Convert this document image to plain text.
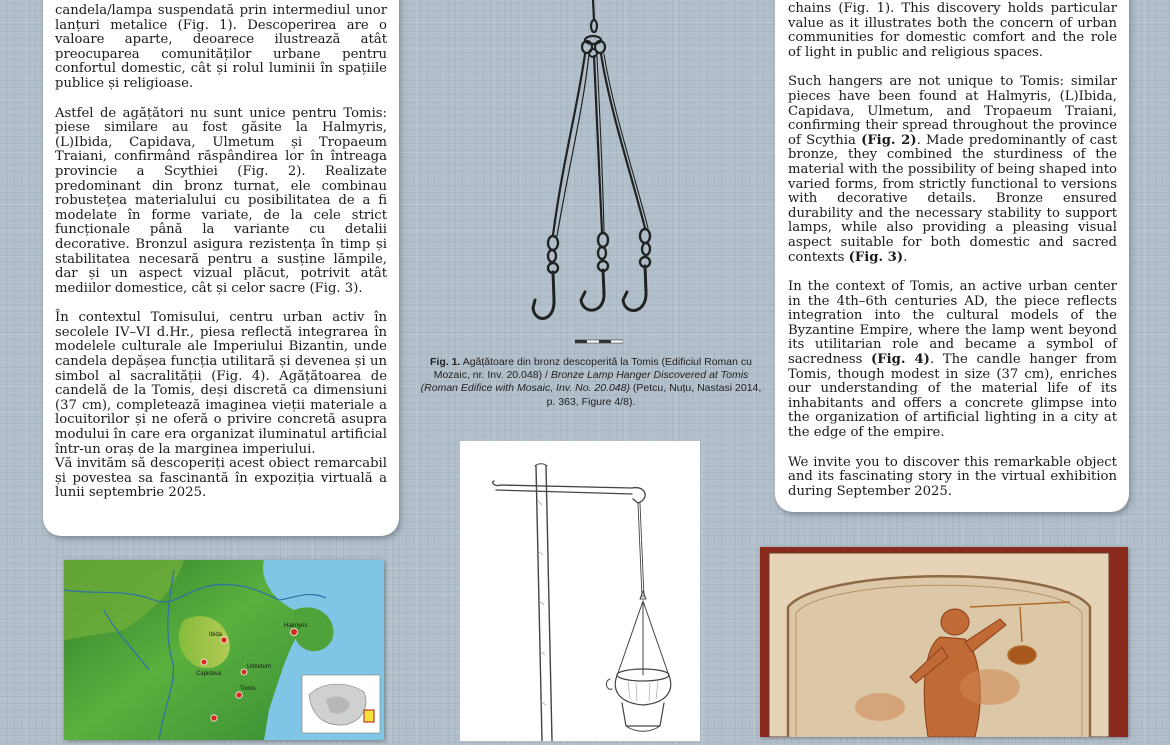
candela/lampa suspendată prin intermediul unor lanțuri metalice (Fig. 1). Descoperirea are o valoare aparte, deoarece ilustrează atât preocuparea comunităților urbane pentru confortul domestic, cât și rolul luminii în spațiile publice și religioase.

Astfel de agățători nu sunt unice pentru Tomis: piese similare au fost găsite la Halmyris, (L)Ibida, Capidava, Ulmetum și Tropaeum Traiani, confirmând răspândirea lor în întreaga provincie a Scythiei (Fig. 2). Realizate predominant din bronz turnat, ele combinau robustețea materialului cu posibilitatea de a fi modelate în forme variate, de la cele strict funcționale până la variante cu detalii decorative. Bronzul asigura rezistența în timp și stabilitatea necesară pentru a susține lămpile, dar și un aspect vizual plăcut, potrivit atât mediilor domestice, cât și celor sacre (Fig. 3).

În contextul Tomisului, centru urban activ în secolele IV–VI d.Hr., piesa reflectă integrarea în modelele culturale ale Imperiului Bizantin, unde candela depășea funcția utilitară și devenea și un simbol al sacralității (Fig. 4). Agățătoarea de candelă de la Tomis, deși discretă ca dimensiuni (37 cm), completează imaginea vieții materiale a locuitorilor și ne oferă o privire concretă asupra modului în care era organizat iluminatul artificial într-un oraș de la marginea imperiului.

Vă invităm să descoperiți acest obiect remarcabil și povestea sa fascinantă în expoziția virtuală a lunii septembrie 2025.

chains (Fig. 1). This discovery holds particular value as it illustrates both the concern of urban communities for domestic comfort and the role of light in public and religious spaces.

Such hangers are not unique to Tomis: similar pieces have been found at Halmyris, (L)Ibida, Capidava, Ulmetum, and Tropaeum Traiani, confirming their spread throughout the province of Scythia (Fig. 2). Made predominantly of cast bronze, they combined the sturdiness of the material with the possibility of being shaped into varied forms, from strictly functional to versions with decorative details. Bronze ensured durability and the necessary stability to support lamps, while also providing a pleasing visual aspect suitable for both domestic and sacred contexts (Fig. 3).

In the context of Tomis, an active urban center in the 4th–6th centuries AD, the piece reflects integration into the cultural models of the Byzantine Empire, where the lamp went beyond its utilitarian role and became a symbol of sacredness (Fig. 4). The candle hanger from Tomis, though modest in size (37 cm), enriches our understanding of the material life of its inhabitants and offers a concrete glimpse into the organization of artificial lighting in a city at the edge of the empire.

We invite you to discover this remarkable object and its fascinating story in the virtual exhibition during September 2025.

Fig. 1. Agățătoare din bronz descoperită la Tomis (Edificiul Roman cu Mozaic, nr. Inv. 20.048) / Bronze Lamp Hanger Discovered at Tomis (Roman Edifice with Mosaic, Inv. No. 20.048) (Petcu, Nuțu, Nastasi 2014, p. 363, Figure 4/8).
Halmyris
Tomis
Ibida
Capidava
Ulmetum
